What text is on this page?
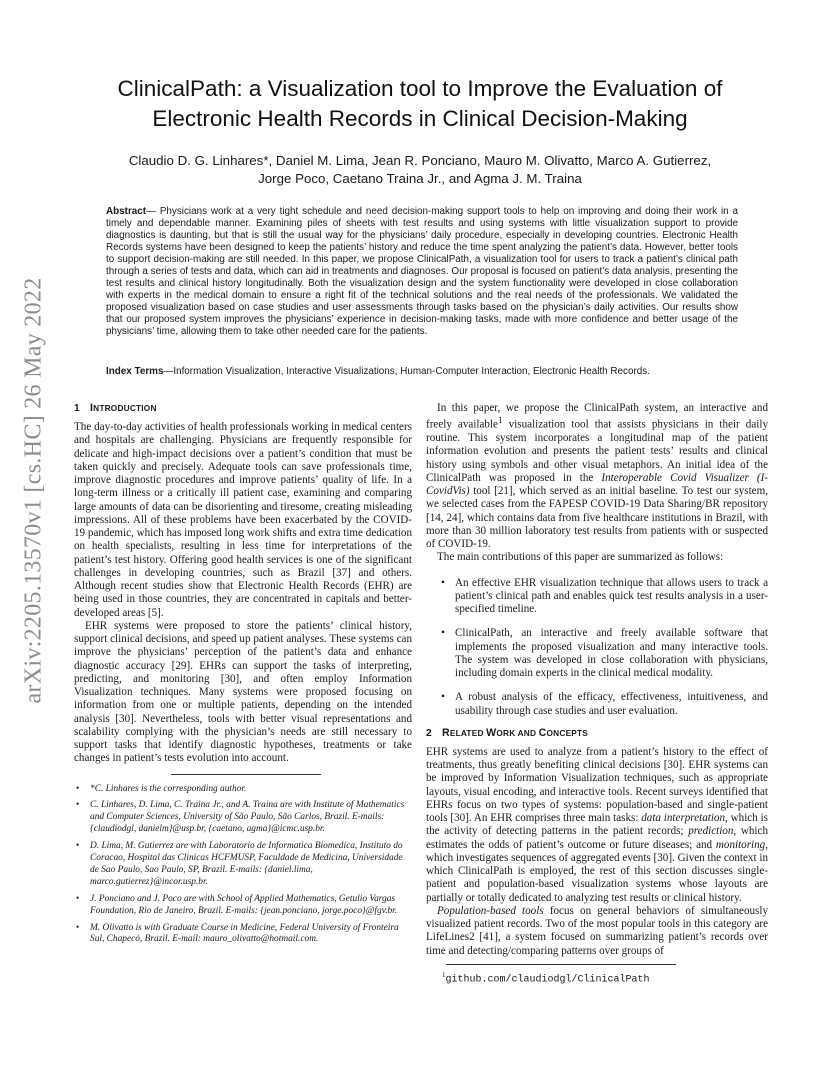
arXiv:2205.13570v1 [cs.HC] 26 May 2022
ClinicalPath: a Visualization tool to Improve the Evaluation of
Electronic Health Records in Clinical Decision-Making
Claudio D. G. Linhares*, Daniel M. Lima, Jean R. Ponciano, Mauro M. Olivatto, Marco A. Gutierrez,
Jorge Poco, Caetano Traina Jr., and Agma J. M. Traina
Abstract— Physicians work at a very tight schedule and need decision-making support tools to help on improving and doing their work in a timely and dependable manner. Examining piles of sheets with test results and using systems with little visualization support to provide diagnostics is daunting, but that is still the usual way for the physicians’ daily procedure, especially in developing countries. Electronic Health Records systems have been designed to keep the patients’ history and reduce the time spent analyzing the patient’s data. However, better tools to support decision-making are still needed. In this paper, we propose ClinicalPath, a visualization tool for users to track a patient’s clinical path through a series of tests and data, which can aid in treatments and diagnoses. Our proposal is focused on patient’s data analysis, presenting the test results and clinical history longitudinally. Both the visualization design and the system functionality were developed in close collaboration with experts in the medical domain to ensure a right fit of the technical solutions and the real needs of the professionals. We validated the proposed visualization based on case studies and user assessments through tasks based on the physician’s daily activities. Our results show that our proposed system improves the physicians’ experience in decision-making tasks, made with more confidence and better usage of the physicians’ time, allowing them to take other needed care for the patients.
Index Terms—Information Visualization, Interactive Visualizations, Human-Computer Interaction, Electronic Health Records.
1 INTRODUCTION

The day-to-day activities of health professionals working in medical centers and hospitals are challenging. Physicians are frequently responsible for delicate and high-impact decisions over a patient’s condition that must be taken quickly and precisely. Adequate tools can save professionals time, improve diagnostic procedures and improve patients’ quality of life. In a long-term illness or a critically ill patient case, examining and comparing large amounts of data can be disorienting and tiresome, creating misleading impressions. All of these problems have been exacerbated by the COVID-19 pandemic, which has imposed long work shifts and extra time dedication on health specialists, resulting in less time for interpretations of the patient’s test history. Offering good health services is one of the significant challenges in developing countries, such as Brazil [37] and others. Although recent studies show that Electronic Health Records (EHR) are being used in those countries, they are concentrated in capitals and better-developed areas [5].

EHR systems were proposed to store the patients’ clinical history, support clinical decisions, and speed up patient analyses. These systems can improve the physicians’ perception of the patient’s data and enhance diagnostic accuracy [29]. EHRs can support the tasks of interpreting, predicting, and monitoring [30], and often employ Information Visualization techniques. Many systems were proposed focusing on information from one or multiple patients, depending on the intended analysis [30]. Nevertheless, tools with better visual representations and scalability complying with the physician’s needs are still necessary to support tasks that identify diagnostic hypotheses, treatments or take changes in patient’s tests evolution into account.

• *C. Linhares is the corresponding author.
• C. Linhares, D. Lima, C. Traina Jr., and A. Traina are with Institute of Mathematics and Computer Sciences, University of São Paulo, São Carlos, Brazil. E-mails: {claudiodgl, danielm}@usp.br, {caetano, agma}@icmc.usp.br.
• D. Lima, M. Gutierrez are with Laboratorio de Informatica Biomedica, Instituto do Coracao, Hospital das Clinicas HCFMUSP, Faculdade de Medicina, Universidade de Sao Paulo, Sao Paulo, SP, Brazil. E-mails: {daniel.lima, marco.gutierrez}@incor.usp.br.
• J. Ponciano and J. Poco are with School of Applied Mathematics, Getulio Vargas Foundation, Rio de Janeiro, Brazil. E-mails: {jean.ponciano, jorge.poco}@fgv.br.
• M. Olivatto is with Graduate Course in Medicine, Federal University of Fronteira Sul, Chapecó, Brazil. E-mail: mauro_olivatto@hotmail.com.

In this paper, we propose the ClinicalPath system, an interactive and freely available$^1$ visualization tool that assists physicians in their daily routine. This system incorporates a longitudinal map of the patient information evolution and presents the patient tests’ results and clinical history using symbols and other visual metaphors. An initial idea of the ClinicalPath was proposed in the Interoperable Covid Visualizer (I-CovidVis) tool [21], which served as an initial baseline. To test our system, we selected cases from the FAPESP COVID-19 Data Sharing/BR repository [14, 24], which contains data from five healthcare institutions in Brazil, with more than 30 million laboratory test results from patients with or suspected of COVID-19.

The main contributions of this paper are summarized as follows:

• An effective EHR visualization technique that allows users to track a patient’s clinical path and enables quick test results analysis in a user-specified timeline.
• ClinicalPath, an interactive and freely available software that implements the proposed visualization and many interactive tools. The system was developed in close collaboration with physicians, including domain experts in the clinical medical modality.
• A robust analysis of the efficacy, effectiveness, intuitiveness, and usability through case studies and user evaluation.
2 RELATED WORK AND CONCEPTS

EHR systems are used to analyze from a patient’s history to the effect of treatments, thus greatly benefiting clinical decisions [30]. EHR systems can be improved by Information Visualization techniques, such as appropriate layouts, visual encoding, and interactive tools. Recent surveys identified that EHRs focus on two types of systems: population-based and single-patient tools [30]. An EHR comprises three main tasks: data interpretation, which is the activity of detecting patterns in the patient records; prediction, which estimates the odds of patient’s outcome or future diseases; and monitoring, which investigates sequences of aggregated events [30]. Given the context in which ClinicalPath is employed, the rest of this section discusses single-patient and population-based visualization systems whose layouts are partially or totally dedicated to analyzing test results or clinical history.

Population-based tools focus on general behaviors of simultaneously visualized patient records. Two of the most popular tools in this category are LifeLines2 [41], a system focused on summarizing patient’s records over time and detecting/comparing patterns over groups of

$^1$github.com/claudiodgl/ClinicalPath
